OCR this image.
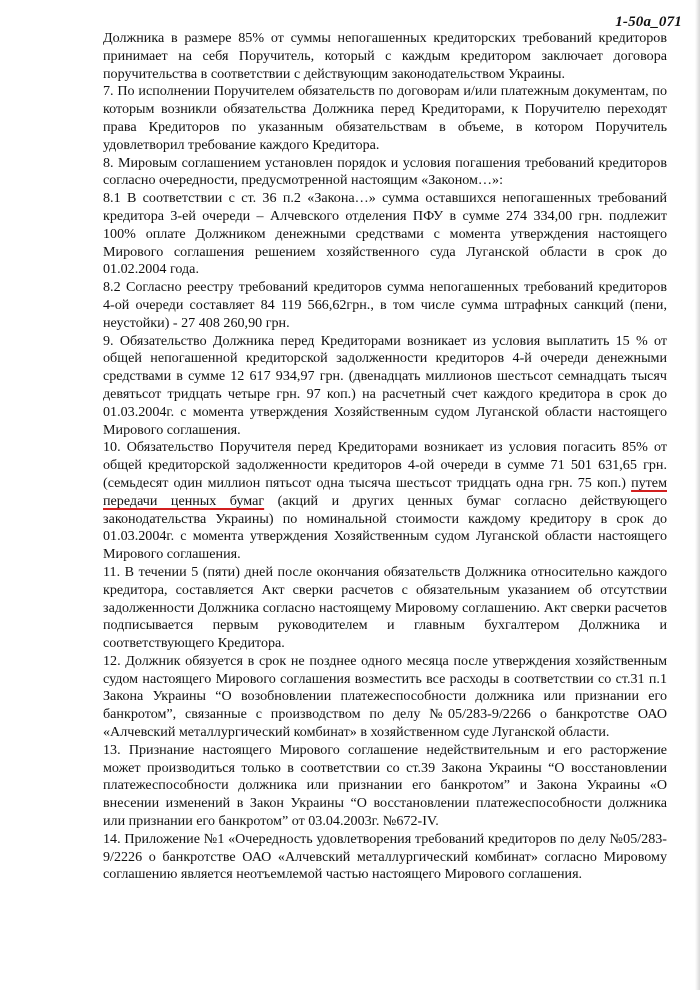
1-50a_071

Должника в размере 85% от суммы непогашенных кредиторских требований кредиторов принимает на себя Поручитель, который с каждым кредитором заключает договора поручительства в соответствии с действующим законодательством Украины.

7. По исполнении Поручителем обязательств по договорам и/или платежным документам, по которым возникли обязательства Должника перед Кредиторами, к Поручителю переходят права Кредиторов по указанным обязательствам в объеме, в котором Поручитель удовлетворил требование каждого Кредитора.

8. Мировым соглашением установлен порядок и условия погашения требований кредиторов согласно очередности, предусмотренной настоящим «Законом…»:

8.1 В соответствии с ст. 36 п.2 «Закона…» сумма оставшихся непогашенных требований кредитора 3-ей очереди – Алчевского отделения ПФУ в сумме 274 334,00 грн. подлежит 100% оплате Должником денежными средствами с момента утверждения настоящего Мирового соглашения решением хозяйственного суда Луганской области в срок до 01.02.2004 года.

8.2 Согласно реестру требований кредиторов сумма непогашенных требований кредиторов 4-ой очереди составляет 84 119 566,62грн., в том числе сумма штрафных санкций (пени, неустойки) - 27 408 260,90 грн.

9. Обязательство Должника перед Кредиторами возникает из условия выплатить 15 % от общей непогашенной кредиторской задолженности кредиторов 4-й очереди денежными средствами в сумме 12 617 934,97 грн. (двенадцать миллионов шестьсот семнадцать тысяч девятьсот тридцать четыре грн. 97 коп.) на расчетный счет каждого кредитора в срок до 01.03.2004г. с момента утверждения Хозяйственным судом Луганской области настоящего Мирового соглашения.

10. Обязательство Поручителя перед Кредиторами возникает из условия погасить 85% от общей кредиторской задолженности кредиторов 4-ой очереди в сумме 71 501 631,65 грн. (семьдесят один миллион пятьсот одна тысяча шестьсот тридцать одна грн. 75 коп.) путем передачи ценных бумаг (акций и других ценных бумаг согласно действующего законодательства Украины) по номинальной стоимости каждому кредитору в срок до 01.03.2004г. с момента утверждения Хозяйственным судом Луганской области настоящего Мирового соглашения.

11. В течении 5 (пяти) дней после окончания обязательств Должника относительно каждого кредитора, составляется Акт сверки расчетов с обязательным указанием об отсутствии задолженности Должника согласно настоящему Мировому соглашению. Акт сверки расчетов подписывается первым руководителем и главным бухгалтером Должника и соответствующего Кредитора.

12. Должник обязуется в срок не позднее одного месяца после утверждения хозяйственным судом настоящего Мирового соглашения возместить все расходы в соответствии со ст.31 п.1 Закона Украины “О возобновлении платежеспособности должника или признании его банкротом”, связанные с производством по делу №05/283-9/2266 о банкротстве ОАО «Алчевский металлургический комбинат» в хозяйственном суде Луганской области.

13. Признание настоящего Мирового соглашение недействительным и его расторжение может производиться только в соответствии со ст.39 Закона Украины “О восстановлении платежеспособности должника или признании его банкротом” и Закона Украины «О внесении изменений в Закон Украины “О восстановлении платежеспособности должника или признании его банкротом” от 03.04.2003г. №672-IV.

14. Приложение №1 «Очередность удовлетворения требований кредиторов по делу №05/283-9/2226 о банкротстве ОАО «Алчевский металлургический комбинат» согласно Мировому соглашению является неотъемлемой частью настоящего Мирового соглашения.
